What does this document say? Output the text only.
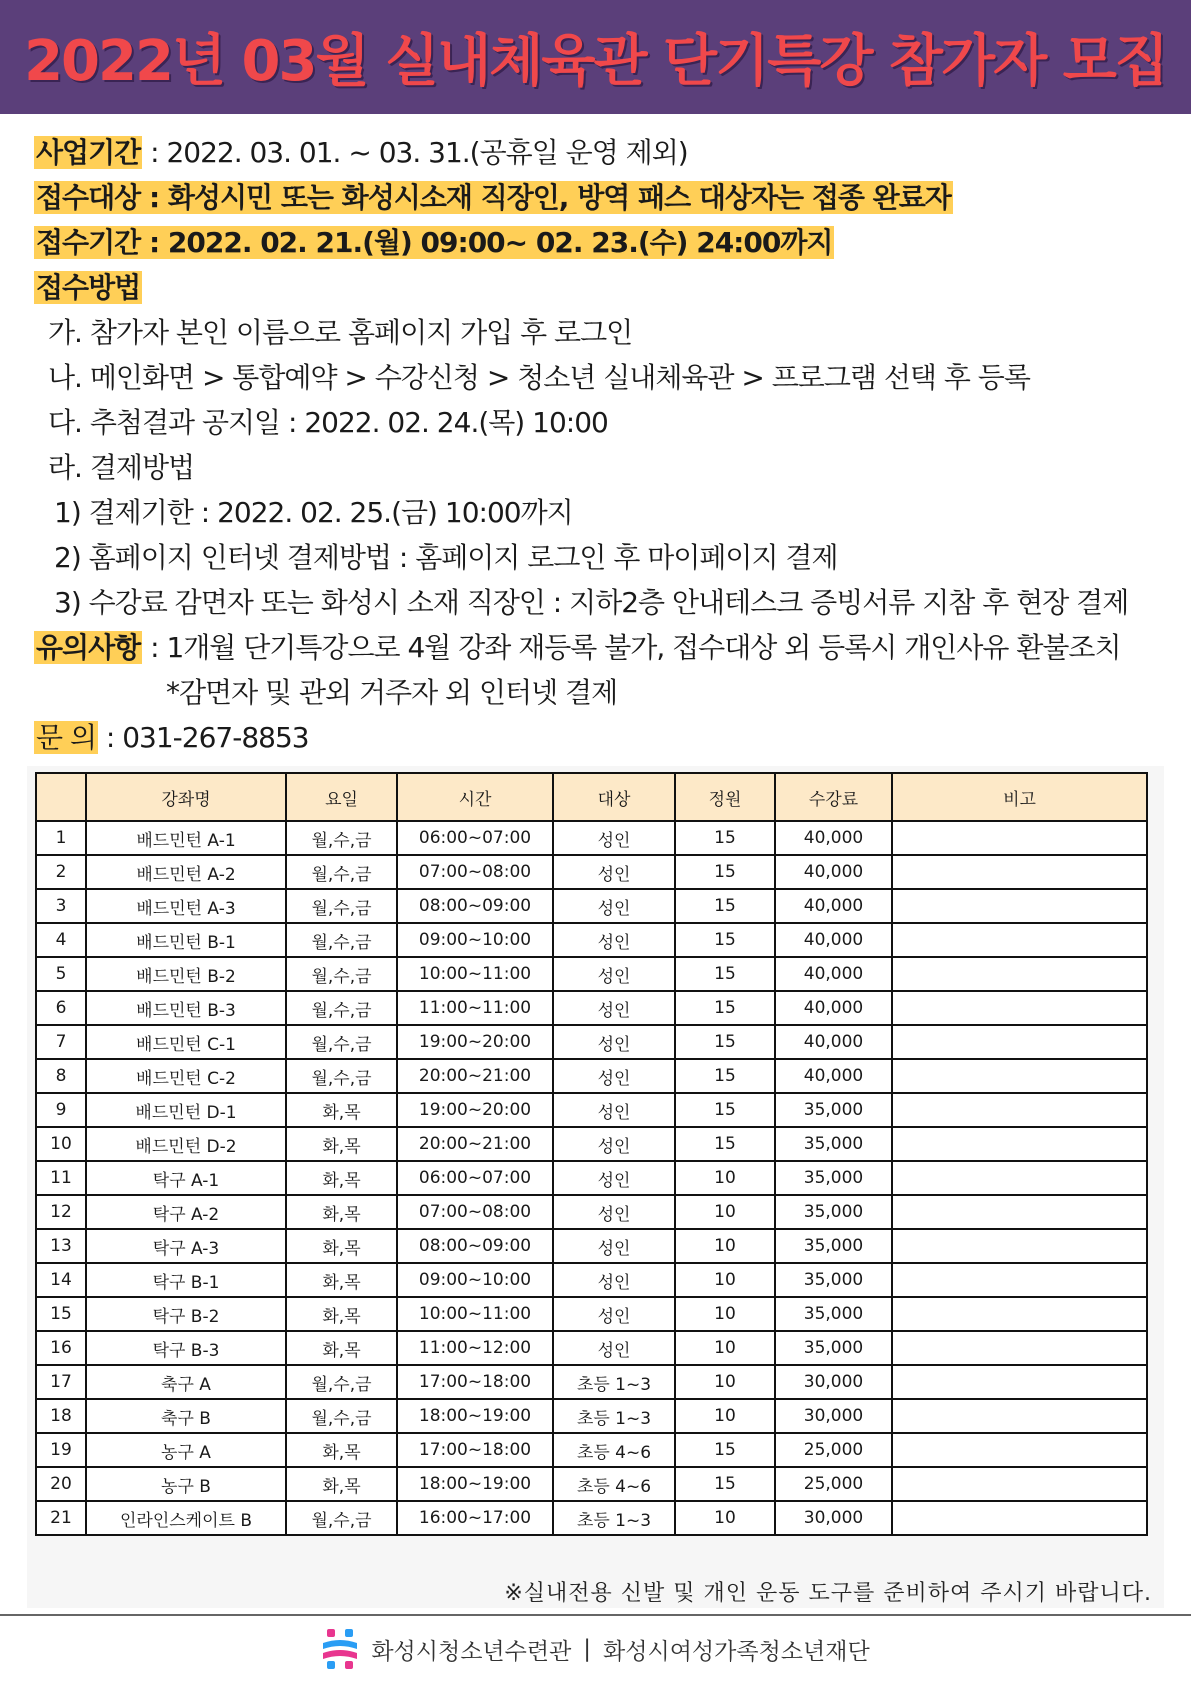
2022년 03월 실내체육관 단기특강 참가자 모집
사업기간 : 2022. 03. 01. ~ 03. 31.(공휴일 운영 제외)
접수대상 : 화성시민 또는 화성시소재 직장인, 방역 패스 대상자는 접종 완료자
접수기간 : 2022. 02. 21.(월) 09:00~ 02. 23.(수) 24:00까지
접수방법
가. 참가자 본인 이름으로 홈페이지 가입 후 로그인
나. 메인화면 > 통합예약 > 수강신청 > 청소년 실내체육관 > 프로그램 선택 후 등록
다. 추첨결과 공지일 : 2022. 02. 24.(목) 10:00
라. 결제방법
1) 결제기한 : 2022. 02. 25.(금) 10:00까지
2) 홈페이지 인터넷 결제방법 : 홈페이지 로그인 후 마이페이지 결제
3) 수강료 감면자 또는 화성시 소재 직장인 : 지하2층 안내테스크 증빙서류 지참 후 현장 결제
유의사항 : 1개월 단기특강으로 4월 강좌 재등록 불가, 접수대상 외 등록시 개인사유 환불조치
*감면자 및 관외 거주자 외 인터넷 결제
문 의 : 031-267-8853
	강좌명	요일	시간	대상	정원	수강료	비고
1	배드민턴 A-1	월,수,금	06:00~07:00	성인	15	40,000	
2	배드민턴 A-2	월,수,금	07:00~08:00	성인	15	40,000	
3	배드민턴 A-3	월,수,금	08:00~09:00	성인	15	40,000	
4	배드민턴 B-1	월,수,금	09:00~10:00	성인	15	40,000	
5	배드민턴 B-2	월,수,금	10:00~11:00	성인	15	40,000	
6	배드민턴 B-3	월,수,금	11:00~11:00	성인	15	40,000	
7	배드민턴 C-1	월,수,금	19:00~20:00	성인	15	40,000	
8	배드민턴 C-2	월,수,금	20:00~21:00	성인	15	40,000	
9	배드민턴 D-1	화,목	19:00~20:00	성인	15	35,000	
10	배드민턴 D-2	화,목	20:00~21:00	성인	15	35,000	
11	탁구 A-1	화,목	06:00~07:00	성인	10	35,000	
12	탁구 A-2	화,목	07:00~08:00	성인	10	35,000	
13	탁구 A-3	화,목	08:00~09:00	성인	10	35,000	
14	탁구 B-1	화,목	09:00~10:00	성인	10	35,000	
15	탁구 B-2	화,목	10:00~11:00	성인	10	35,000	
16	탁구 B-3	화,목	11:00~12:00	성인	10	35,000	
17	축구 A	월,수,금	17:00~18:00	초등 1~3	10	30,000	
18	축구 B	월,수,금	18:00~19:00	초등 1~3	10	30,000	
19	농구 A	화,목	17:00~18:00	초등 4~6	15	25,000	
20	농구 B	화,목	18:00~19:00	초등 4~6	15	25,000	
21	인라인스케이트 B	월,수,금	16:00~17:00	초등 1~3	10	30,000	
※실내전용 신발 및 개인 운동 도구를 준비하여 주시기 바랍니다.
화성시청소년수련관 | 화성시여성가족청소년재단
